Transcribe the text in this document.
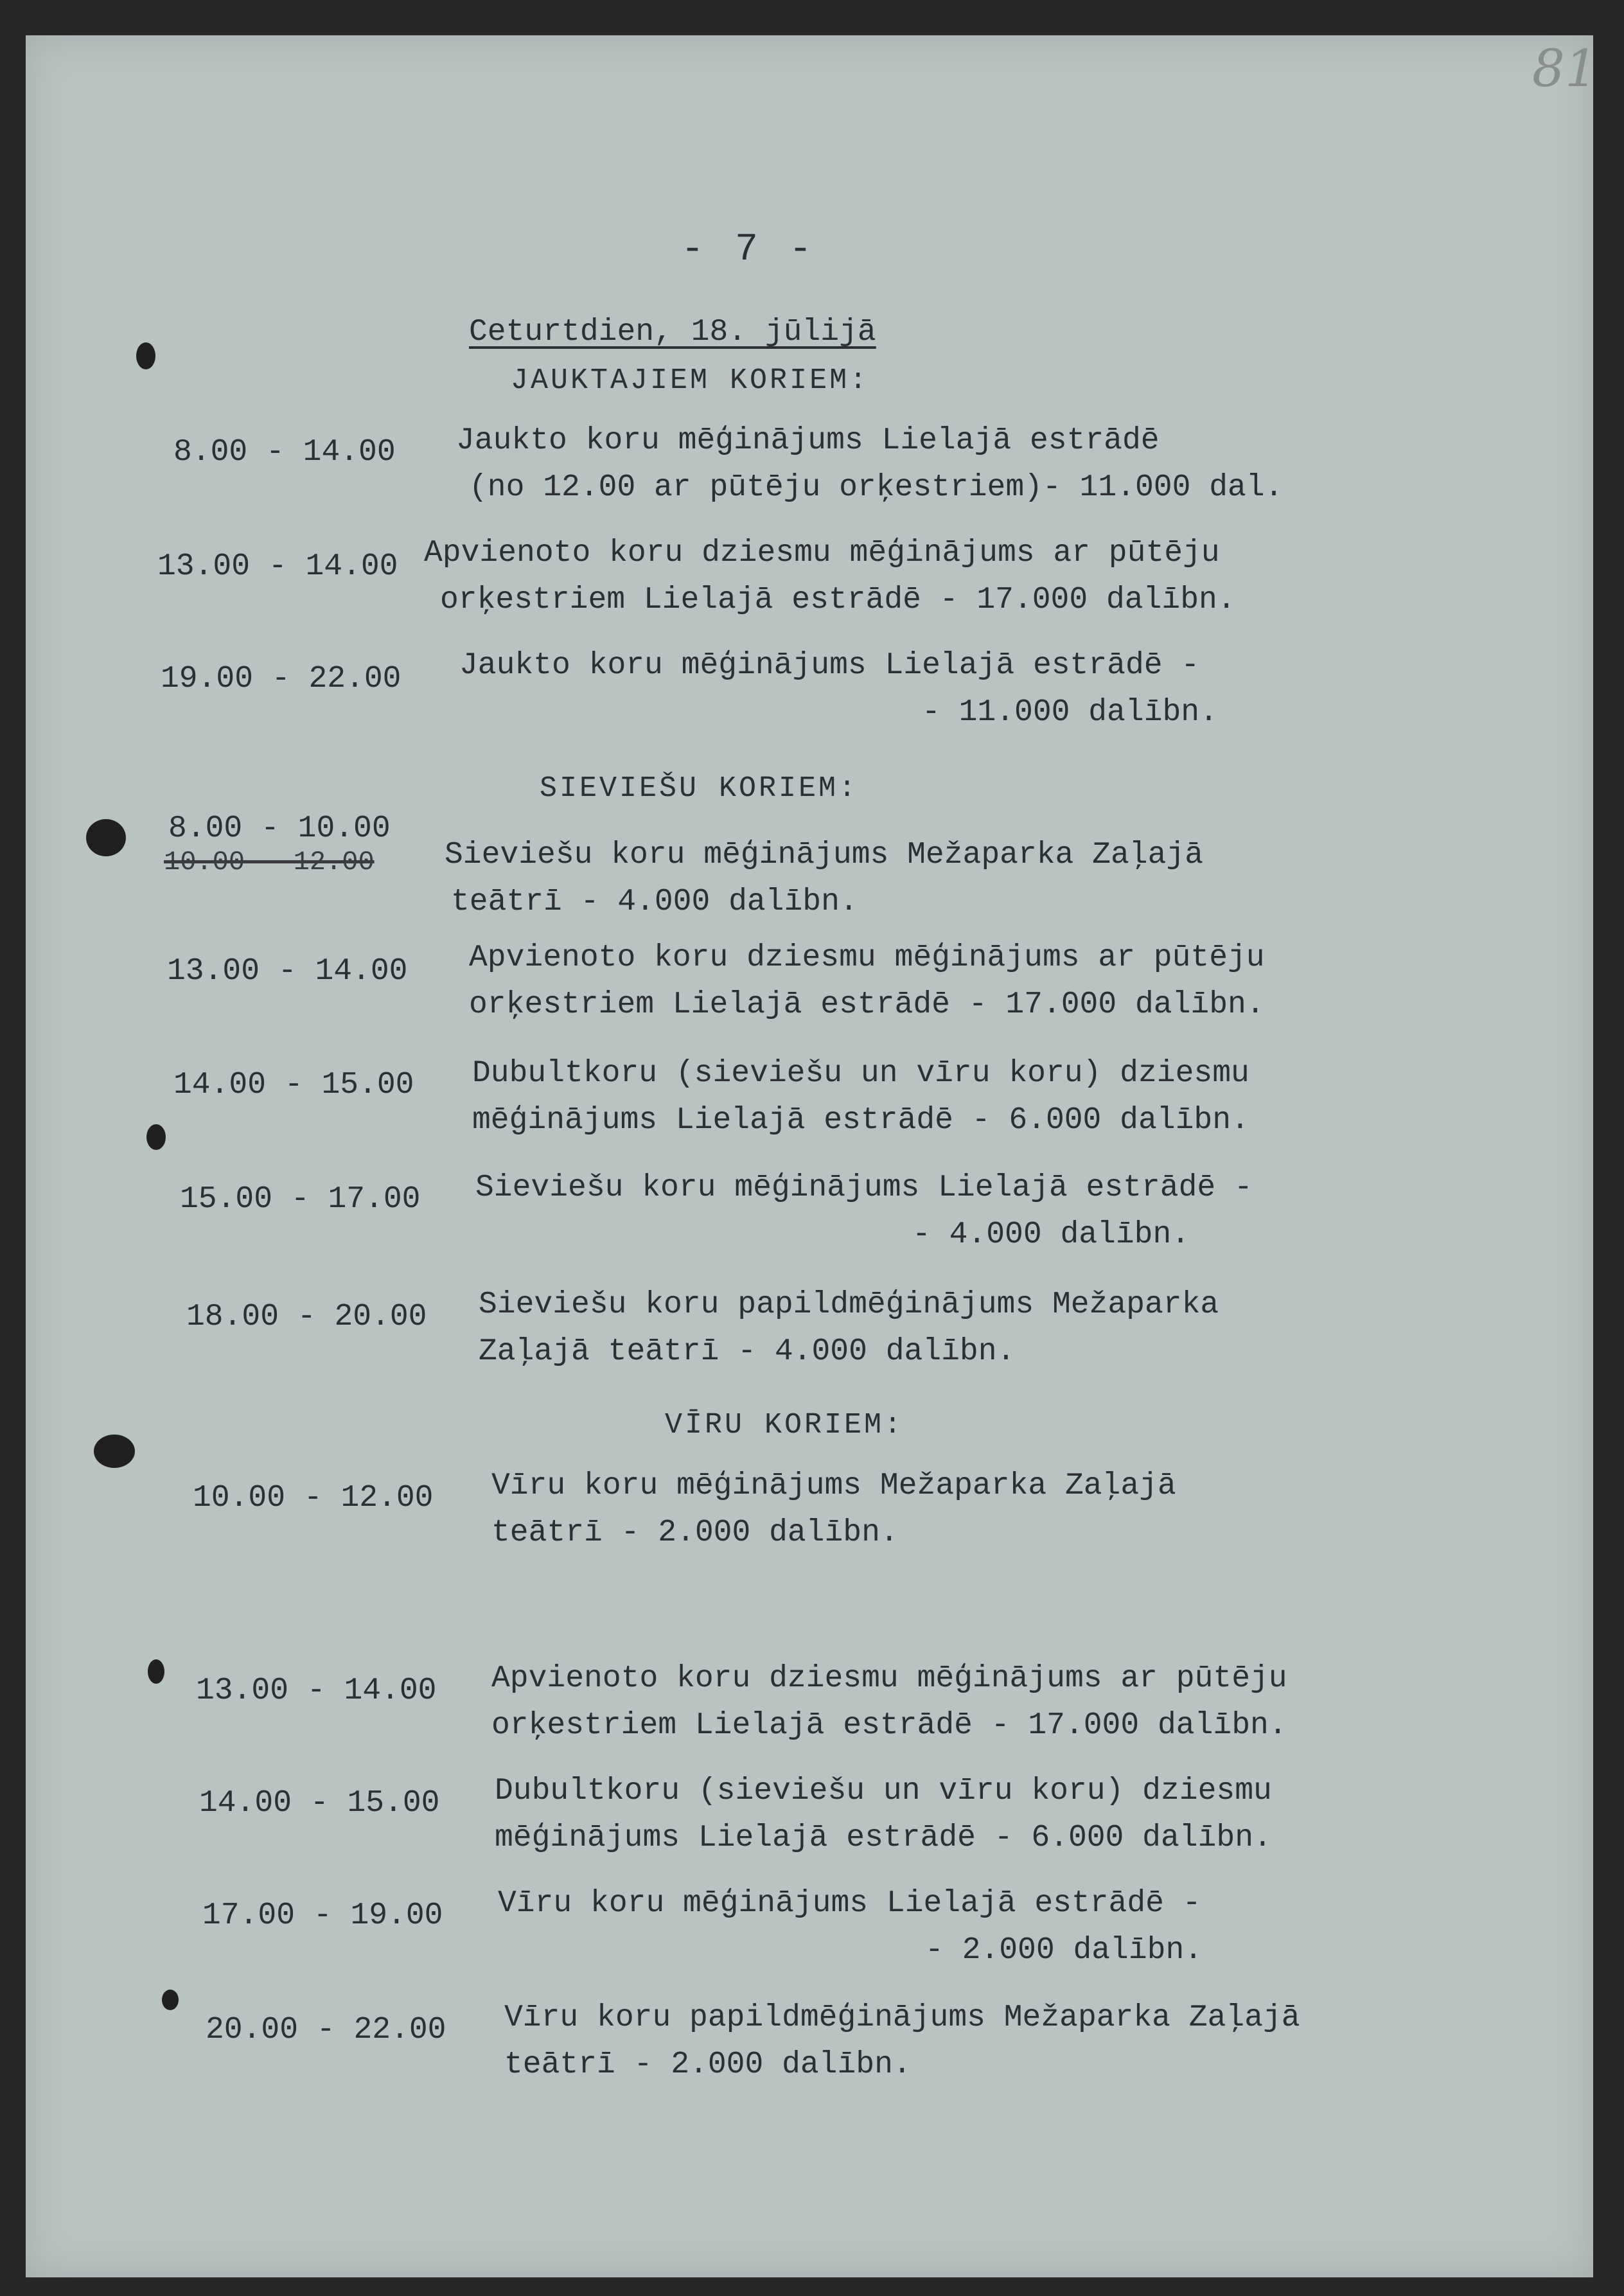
81
- 7 -
Ceturtdien, 18. jūlijā
JAUKTAJIEM KORIEM:
8.00 - 14.00 Jaukto koru mēģinājums Lielajā estrādē
(no 12.00 ar pūtēju orķestriem)- 11.000 dal.
13.00 - 14.00 Apvienoto koru dziesmu mēģinājums ar pūtēju
orķestriem Lielajā estrādē - 17.000 dalībn.
19.00 - 22.00 Jaukto koru mēģinājums Lielajā estrādē -
- 11.000 dalībn.
SIEVIEŠU KORIEM:
8.00 - 10.00
10.00 - 12.00 Sieviešu koru mēģinājums Mežaparka Zaļajā
teātrī - 4.000 dalībn.
13.00 - 14.00 Apvienoto koru dziesmu mēģinājums ar pūtēju
orķestriem Lielajā estrādē - 17.000 dalībn.
14.00 - 15.00 Dubultkoru (sieviešu un vīru koru) dziesmu
mēģinājums Lielajā estrādē - 6.000 dalībn.
15.00 - 17.00 Sieviešu koru mēģinājums Lielajā estrādē -
- 4.000 dalībn.
18.00 - 20.00 Sieviešu koru papildmēģinājums Mežaparka
Zaļajā teātrī - 4.000 dalībn.
VĪRU KORIEM:
10.00 - 12.00 Vīru koru mēģinājums Mežaparka Zaļajā
teātrī - 2.000 dalībn.
13.00 - 14.00 Apvienoto koru dziesmu mēģinājums ar pūtēju
orķestriem Lielajā estrādē - 17.000 dalībn.
14.00 - 15.00 Dubultkoru (sieviešu un vīru koru) dziesmu
mēģinājums Lielajā estrādē - 6.000 dalībn.
17.00 - 19.00 Vīru koru mēģinājums Lielajā estrādē -
- 2.000 dalībn.
20.00 - 22.00 Vīru koru papildmēģinājums Mežaparka Zaļajā
teātrī - 2.000 dalībn.
